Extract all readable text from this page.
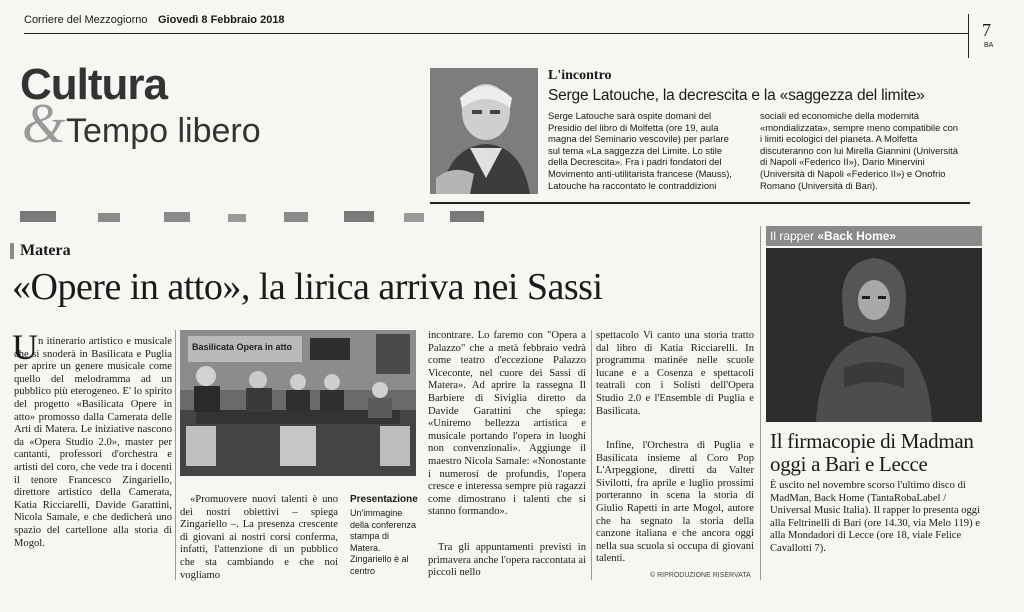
Corriere del Mezzogiorno Giovedì 8 Febbraio 2018	7
BA
Cultura
& Tempo libero
L'incontro
Serge Latouche, la decrescita e la «saggezza del limite»
Serge Latouche sarà ospite domani del Presidio del libro di Molfetta (ore 19, aula magna del Seminario vescovile) per parlare sul tema «La saggezza del Limite. Lo stile della Decrescita». Fra i padri fondatori del Movimento anti-utilitarista francese (Mauss), Latouche ha raccontato le contraddizioni
sociali ed economiche della modernità «mondializzata», sempre meno compatibile con i limiti ecologici del pianeta. A Molfetta discuteranno con lui Mirella Giannini (Università di Napoli «Federico II»), Dario Minervini (Università di Napoli «Federico II») e Onofrio Romano (Università di Bari).
Matera
«Opere in atto», la lirica arriva nei Sassi
U n itinerario artistico e musicale che si snoderà in Basilicata e Puglia per aprire un genere musicale come quello del melodramma ad un pubblico più eterogeneo. E' lo spirito del progetto «Basilicata Opere in atto» promosso dalla Camerata delle Arti di Matera. Le iniziative nascono da «Opera Studio 2.0», master per cantanti, professori d'orchestra e artisti del coro, che vede tra i docenti il tenore Francesco Zingariello, direttore artistico della Camerata, Katia Ricciarelli, Davide Garattini, Nicola Samale, e che dedicherà uno spazio del cartellone alla storia di Mogol.
Basilicata Opera in atto
«Promuovere nuovi talenti è uno dei nostri obiettivi – spiega Zingariello –. La presenza crescente di giovani ai nostri corsi conferma, infatti, l'attenzione di un pubblico che sta cambiando e che noi vogliamo
Presentazione
Un'immagine della conferenza stampa di Matera. Zingariello è al centro
incontrare. Lo faremo con "Opera a Palazzo" che a metà febbraio vedrà come teatro d'eccezione Palazzo Viceconte, nel cuore dei Sassi di Matera». Ad aprire la rassegna Il Barbiere di Siviglia diretto da Davide Garattini che spiega: «Uniremo bellezza artistica e musicale portando l'opera in luoghi non convenzionali». Aggiunge il maestro Nicola Samale: «Nonostante i numerosi de profundis, l'opera cresce e interessa sempre più ragazzi come dimostrano i talenti che si stanno formando».
Tra gli appuntamenti previsti in primavera anche l'opera raccontata ai piccoli nello
spettacolo Vi canto una storia tratto dal libro di Katia Ricciarelli. In programma matinée nelle scuole lucane e a Cosenza e spettacoli teatrali con i Solisti dell'Opera Studio 2.0 e l'Ensemble di Puglia e Basilicata.
Infine, l'Orchestra di Puglia e Basilicata insieme al Coro Pop L'Arpeggione, diretti da Valter Sivilotti, fra aprile e luglio prossimi porteranno in scena la storia di Giulio Rapetti in arte Mogol, autore che ha segnato la storia della canzone italiana e che ancora oggi nella sua scuola si occupa di giovani talenti.
© RIPRODUZIONE RISERVATA
Il rapper «Back Home»
Il firmacopie di Madman oggi a Bari e Lecce
È uscito nel novembre scorso l'ultimo disco di MadMan, Back Home (TantaRobaLabel / Universal Music Italia). Il rapper lo presenta oggi alla Feltrinelli di Bari (ore 14.30, via Melo 119) e alla Mondadori di Lecce (ore 18, viale Felice Cavallotti 7).
